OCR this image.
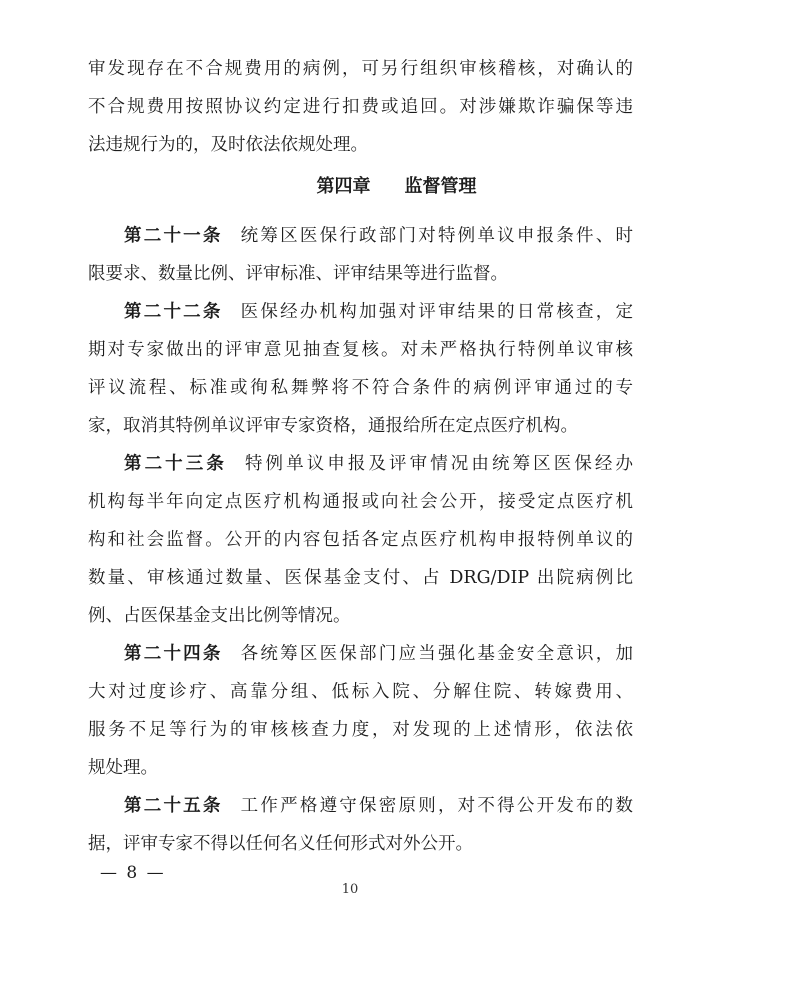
审发现存在不合规费用的病例，可另行组织审核稽核，对确认的
不合规费用按照协议约定进行扣费或追回。对涉嫌欺诈骗保等违
法违规行为的，及时依法依规处理。
第四章 监督管理
第二十一条 统筹区医保行政部门对特例单议申报条件、时
限要求、数量比例、评审标准、评审结果等进行监督。
第二十二条 医保经办机构加强对评审结果的日常核查，定
期对专家做出的评审意见抽查复核。对未严格执行特例单议审核
评议流程、标准或徇私舞弊将不符合条件的病例评审通过的专
家，取消其特例单议评审专家资格，通报给所在定点医疗机构。
第二十三条 特例单议申报及评审情况由统筹区医保经办
机构每半年向定点医疗机构通报或向社会公开，接受定点医疗机
构和社会监督。公开的内容包括各定点医疗机构申报特例单议的
数量、审核通过数量、医保基金支付、占 DRG/DIP 出院病例比
例、占医保基金支出比例等情况。
第二十四条 各统筹区医保部门应当强化基金安全意识，加
大对过度诊疗、高靠分组、低标入院、分解住院、转嫁费用、
服务不足等行为的审核核查力度，对发现的上述情形，依法依
规处理。
第二十五条 工作严格遵守保密原则，对不得公开发布的数
据，评审专家不得以任何名义任何形式对外公开。
— 8 —
10
